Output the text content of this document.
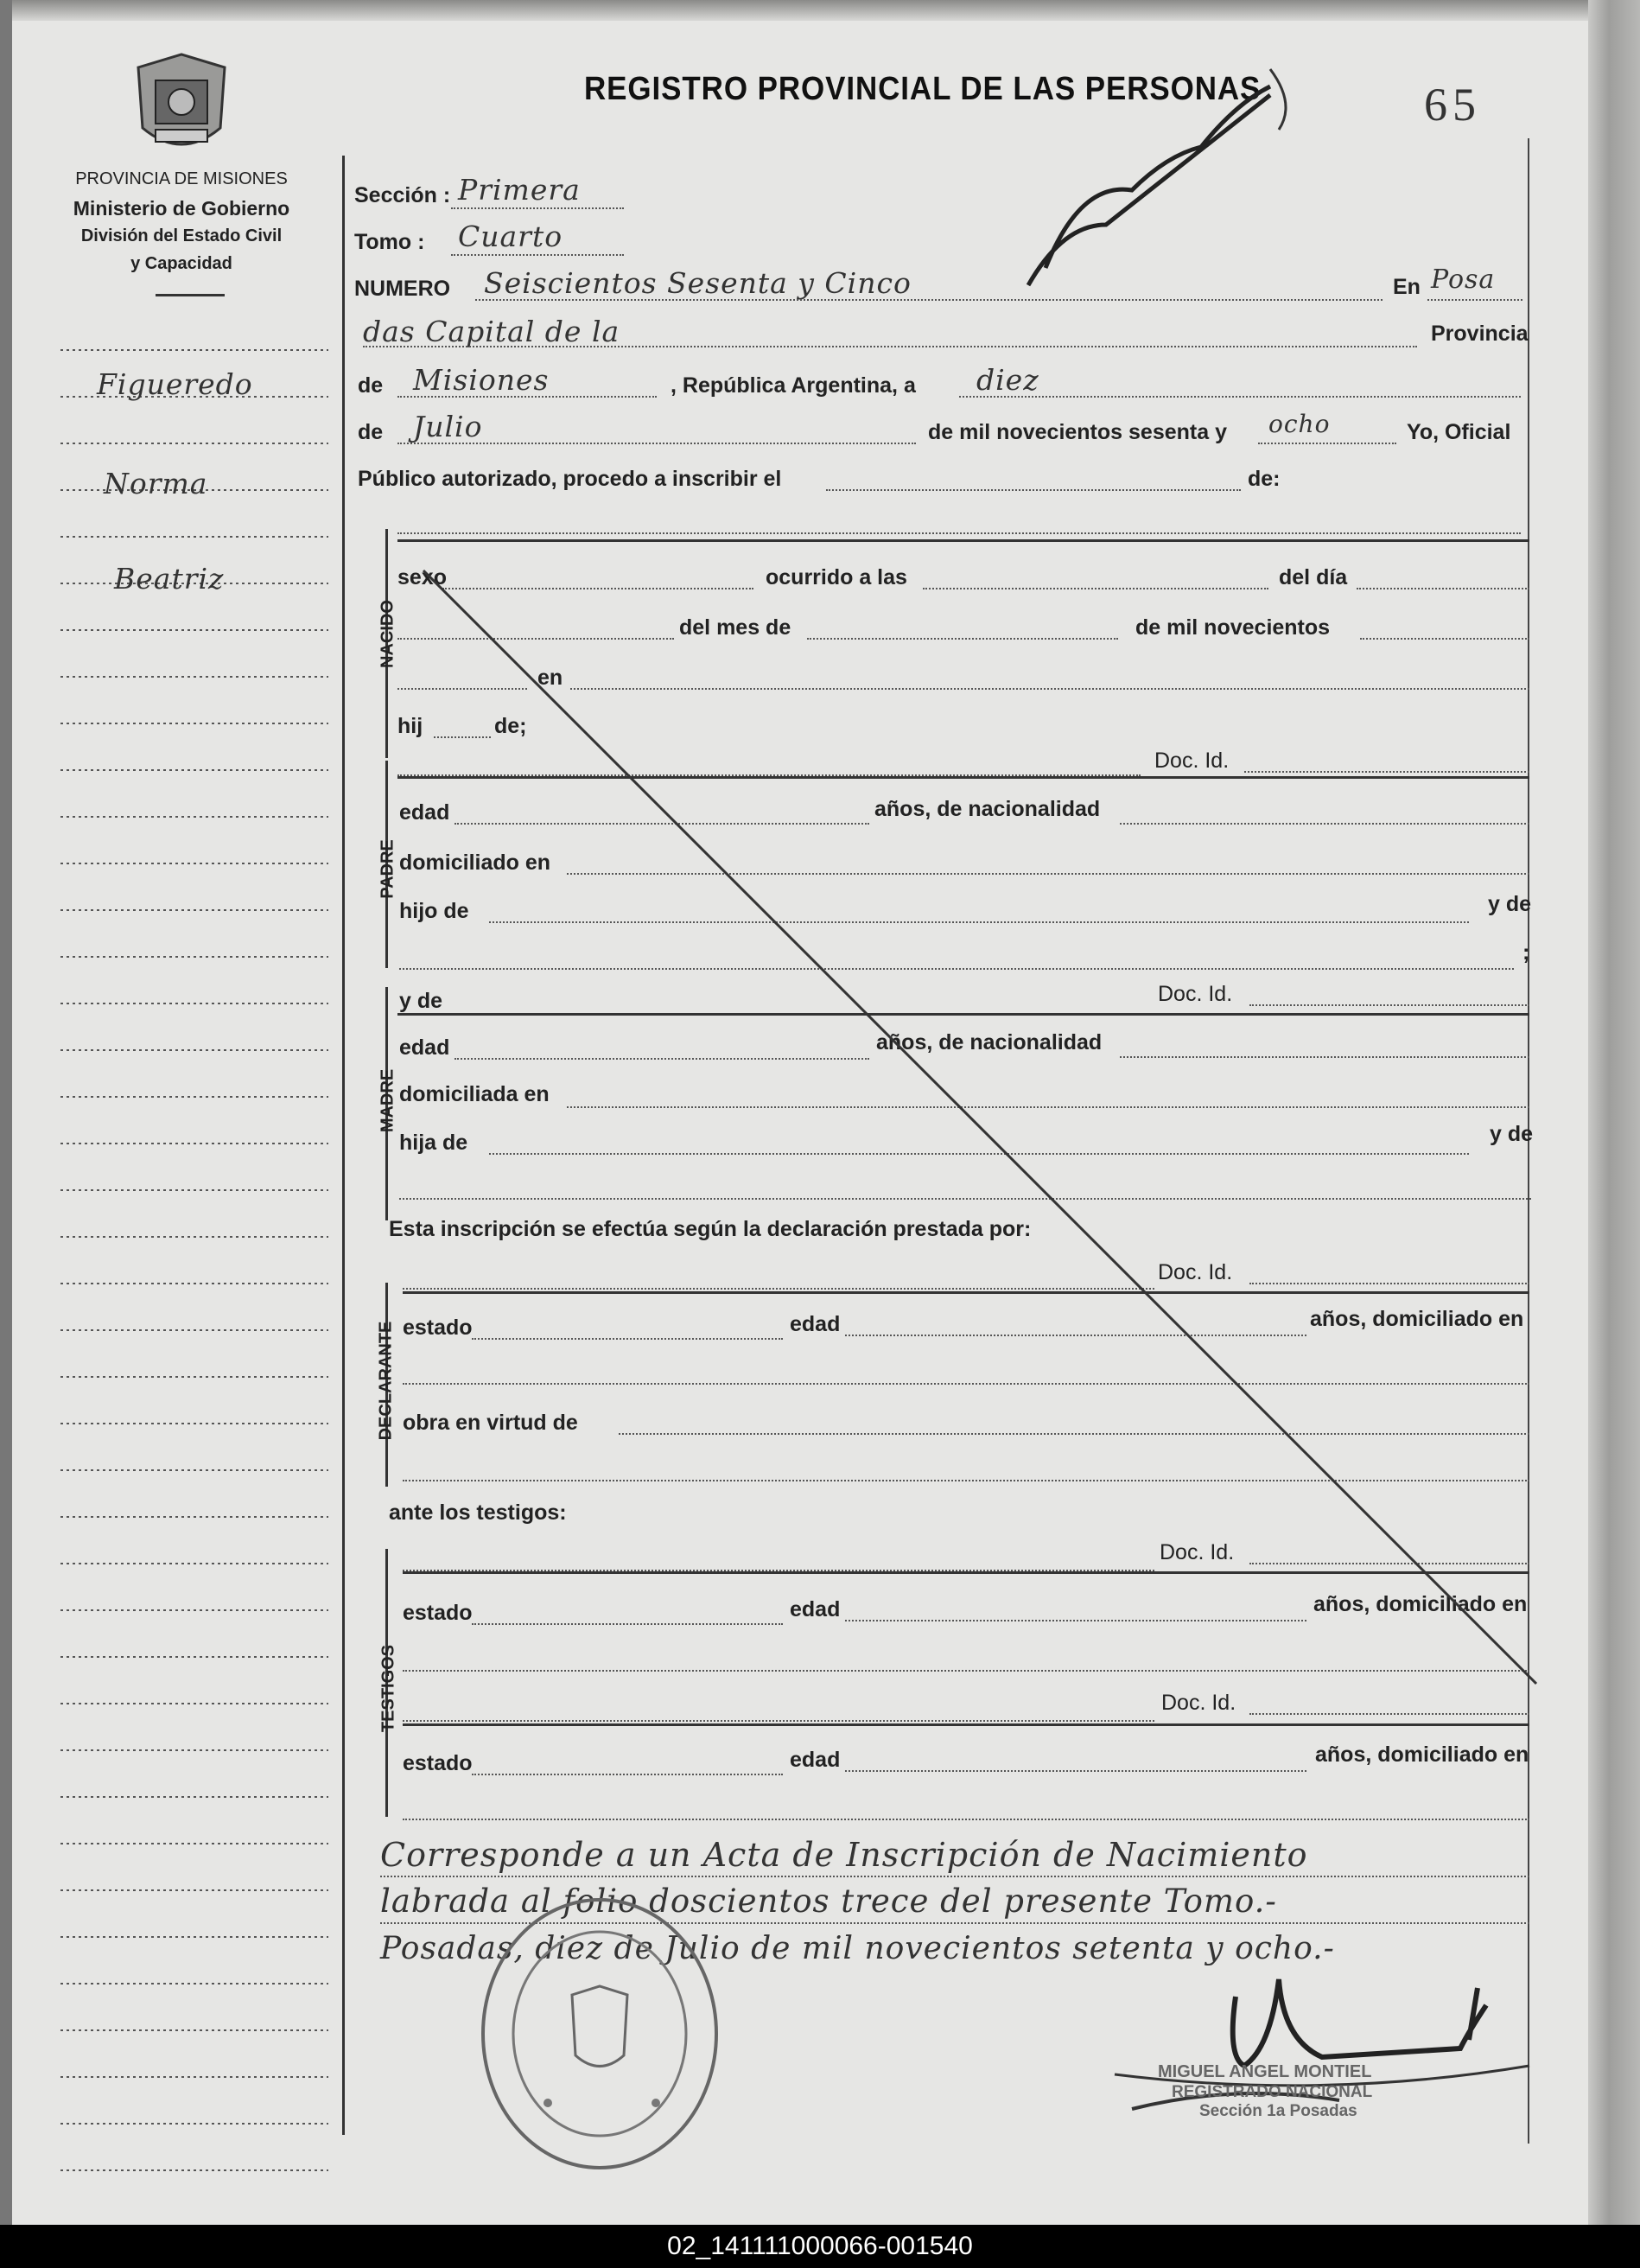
PROVINCIA DE MISIONES
Ministerio de Gobierno
División del Estado Civil
y Capacidad
REGISTRO PROVINCIAL DE LAS PERSONAS	65
Figueredo
Norma
Beatriz
Sección : Primera
Tomo : Cuarto
NUMERO Seiscientos Sesenta y Cinco	En Posa
das Capital de la	Provincia
de Misiones	, República Argentina, a diez
de Julio	de mil novecientos sesenta y ocho	Yo, Oficial
Público autorizado, procedo a inscribir el	de:
NACIDO
sexo	ocurrido a las	del día
del mes de	de mil novecientos
en
hij	de;
Doc. Id.
PADRE
edad	años, de nacionalidad
domiciliado en
hijo de	y de
;
MADRE
y de	Doc. Id.
edad	años, de nacionalidad
domiciliada en
hija de	y de
Esta inscripción se efectúa según la declaración prestada por:
Doc. Id.
DECLARANTE estado	edad	años, domiciliado en
obra en virtud de
ante los testigos:
Doc. Id.
TESTIGOS
estado	edad	años, domiciliado en
Doc. Id.
estado	edad	años, domiciliado en
Corresponde a un Acta de Inscripción de Nacimiento
labrada al folio doscientos trece del presente Tomo.-
Posadas, diez de Julio de mil novecientos setenta y ocho.-
MIGUEL ANGEL MONTIEL
REGISTRADO NACIONAL
Sección 1a Posadas
02_141111000066-001540
